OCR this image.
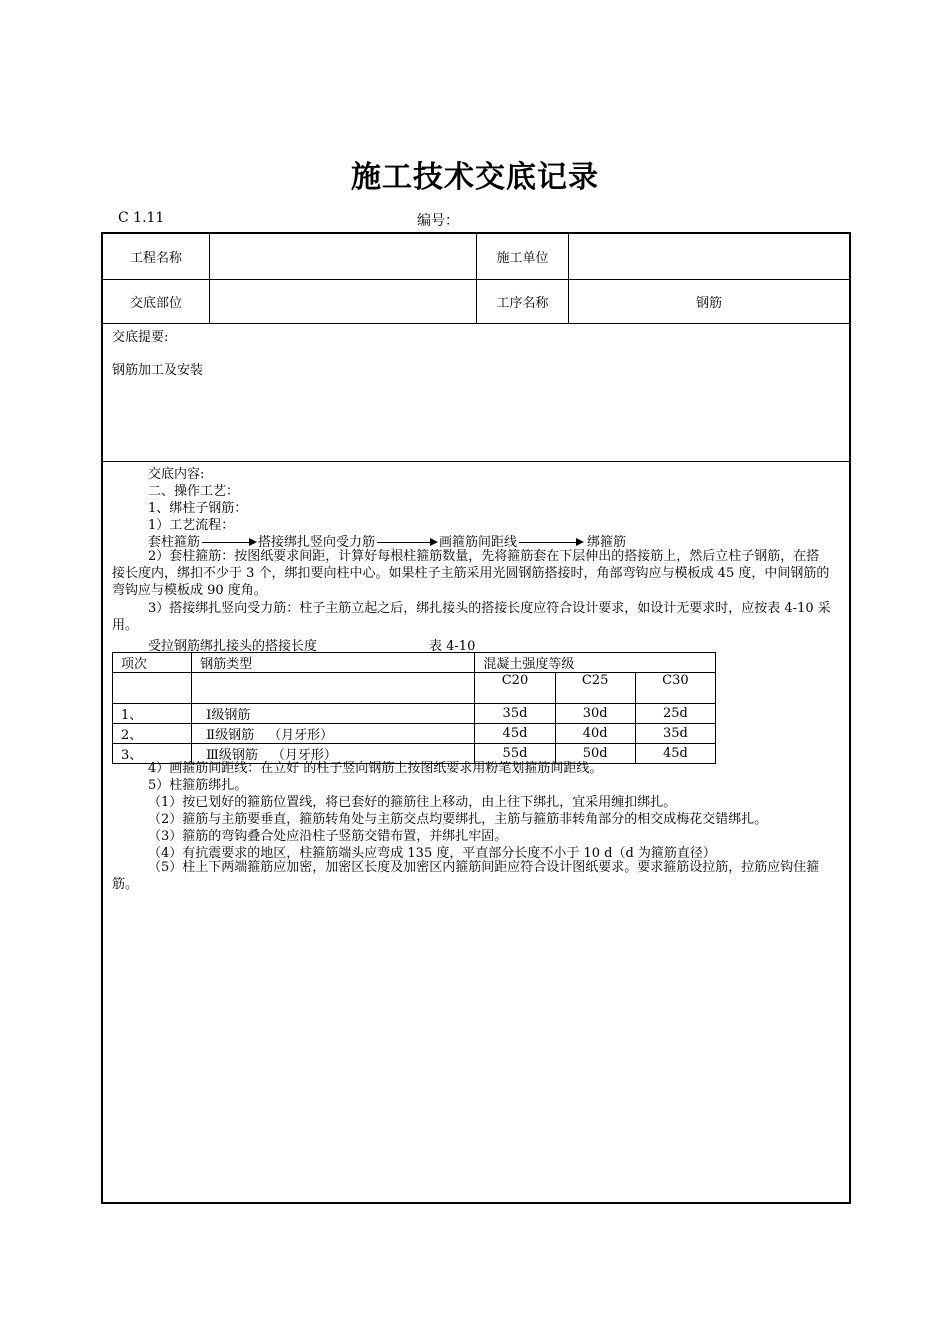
施工技术交底记录
C 1.11	编号：
工程名称	施工单位
交底部位	工序名称	钢筋
交底提要:
钢筋加工及安装
交底内容:
二、操作工艺：
1、绑柱子钢筋：
1）工艺流程：
套柱箍筋	搭接绑扎竖向受力筋	画箍筋间距线	绑箍筋
2）套柱箍筋：按图纸要求间距，计算好每根柱箍筋数量，先将箍筋套在下层伸出的搭接筋上，然后立柱子钢筋，在搭接长度内，绑扣不少于 3 个，绑扣要向柱中心。如果柱子主筋采用光圆钢筋搭接时，角部弯钩应与模板成 45 度，中间钢筋的弯钩应与模板成 90 度角。
3）搭接绑扎竖向受力筋：柱子主筋立起之后，绑扎接头的搭接长度应符合设计要求，如设计无要求时，应按表 4-10 采用。
受拉钢筋绑扎接头的搭接长度	表 4-10
项次	钢筋类型	混凝土强度等级		
		C20	C25	C30
1、	Ⅰ级钢筋	35d	30d	25d
2、	Ⅱ级钢筋 （月牙形）	45d	40d	35d
3、	Ⅲ级钢筋 （月牙形）	55d	50d	45d
4）画箍筋间距线：在立好 的柱子竖向钢筋上按图纸要求用粉笔划箍筋间距线。
5）柱箍筋绑扎。
（1）按已划好的箍筋位置线，将已套好的箍筋往上移动，由上往下绑扎，宜采用缠扣绑扎。
（2）箍筋与主筋要垂直，箍筋转角处与主筋交点均要绑扎，主筋与箍筋非转角部分的相交成梅花交错绑扎。
（3）箍筋的弯钩叠合处应沿柱子竖筋交错布置，并绑扎牢固。
（4）有抗震要求的地区，柱箍筋端头应弯成 135 度，平直部分长度不小于 10 d（d 为箍筋直径）
（5）柱上下两端箍筋应加密，加密区长度及加密区内箍筋间距应符合设计图纸要求。要求箍筋设拉筋，拉筋应钩住箍筋。
